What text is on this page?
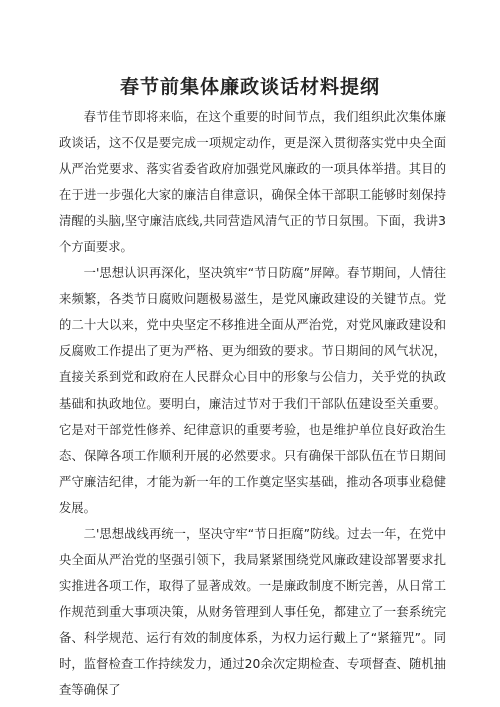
春节前集体廉政谈话材料提纲

春节佳节即将来临，在这个重要的时间节点，我们组织此次集体廉政谈话，这不仅是要完成一项规定动作，更是深入贯彻落实党中央全面从严治党要求、落实省委省政府加强党风廉政的一项具体举措。其目的在于进一步强化大家的廉洁自律意识，确保全体干部职工能够时刻保持清醒的头脑,坚守廉洁底线,共同营造风清气正的节日氛围。下面，我讲3个方面要求。

一'思想认识再深化，坚决筑牢“节日防腐”屏障。春节期间，人情往来频繁，各类节日腐败问题极易滋生，是党风廉政建设的关键节点。党的二十大以来，党中央坚定不移推进全面从严治党，对党风廉政建设和反腐败工作提出了更为严格、更为细致的要求。节日期间的风气状况，直接关系到党和政府在人民群众心目中的形象与公信力，关乎党的执政基础和执政地位。要明白，廉洁过节对于我们干部队伍建设至关重要。它是对干部党性修养、纪律意识的重要考验，也是维护单位良好政治生态、保障各项工作顺利开展的必然要求。只有确保干部队伍在节日期间严守廉洁纪律，才能为新一年的工作奠定坚实基础，推动各项事业稳健发展。

二'思想战线再统一，坚决守牢“节日拒腐”防线。过去一年，在党中央全面从严治党的坚强引领下，我局紧紧围绕党风廉政建设部署要求扎实推进各项工作，取得了显著成效。一是廉政制度不断完善，从日常工作规范到重大事项决策，从财务管理到人事任免，都建立了一套系统完备、科学规范、运行有效的制度体系，为权力运行戴上了“紧箍咒”。同时，监督检查工作持续发力，通过20余次定期检查、专项督查、随机抽查等确保了
